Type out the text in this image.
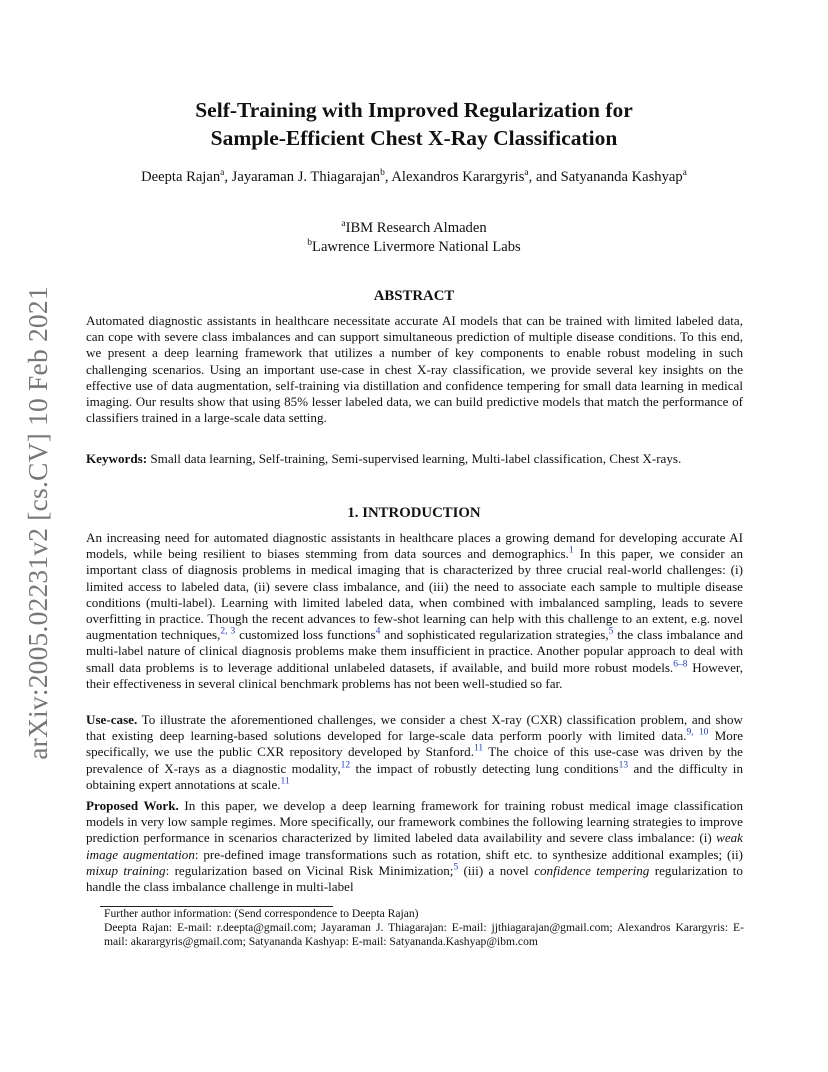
arXiv:2005.02231v2 [cs.CV] 10 Feb 2021
Self-Training with Improved Regularization for
Sample-Efficient Chest X-Ray Classification
Deepta Rajan$^a$, Jayaraman J. Thiagarajan$^b$, Alexandros Karargyris$^a$, and Satyananda Kashyap$^a$
$^a$IBM Research Almaden
$^b$Lawrence Livermore National Labs
ABSTRACT
Automated diagnostic assistants in healthcare necessitate accurate AI models that can be trained with limited labeled data, can cope with severe class imbalances and can support simultaneous prediction of multiple disease conditions. To this end, we present a deep learning framework that utilizes a number of key components to enable robust modeling in such challenging scenarios. Using an important use-case in chest X-ray classification, we provide several key insights on the effective use of data augmentation, self-training via distillation and confidence tempering for small data learning in medical imaging. Our results show that using 85% lesser labeled data, we can build predictive models that match the performance of classifiers trained in a large-scale data setting.
Keywords: Small data learning, Self-training, Semi-supervised learning, Multi-label classification, Chest X-rays.
1. INTRODUCTION
An increasing need for automated diagnostic assistants in healthcare places a growing demand for developing accurate AI models, while being resilient to biases stemming from data sources and demographics.$^1$ In this paper, we consider an important class of diagnosis problems in medical imaging that is characterized by three crucial real-world challenges: (i) limited access to labeled data, (ii) severe class imbalance, and (iii) the need to associate each sample to multiple disease conditions (multi-label). Learning with limited labeled data, when combined with imbalanced sampling, leads to severe overfitting in practice. Though the recent advances to few-shot learning can help with this challenge to an extent, e.g. novel augmentation techniques,$^{2, 3}$ customized loss functions$^4$ and sophisticated regularization strategies,$^5$ the class imbalance and multi-label nature of clinical diagnosis problems make them insufficient in practice. Another popular approach to deal with small data problems is to leverage additional unlabeled datasets, if available, and build more robust models.$^{6-8}$ However, their effectiveness in several clinical benchmark problems has not been well-studied so far.
Use-case. To illustrate the aforementioned challenges, we consider a chest X-ray (CXR) classification problem, and show that existing deep learning-based solutions developed for large-scale data perform poorly with limited data.$^{9, 10}$ More specifically, we use the public CXR repository developed by Stanford.$^{11}$ The choice of this use-case was driven by the prevalence of X-rays as a diagnostic modality,$^{12}$ the impact of robustly detecting lung conditions$^{13}$ and the difficulty in obtaining expert annotations at scale.$^{11}$
Proposed Work. In this paper, we develop a deep learning framework for training robust medical image classification models in very low sample regimes. More specifically, our framework combines the following learning strategies to improve prediction performance in scenarios characterized by limited labeled data availability and severe class imbalance: (i) weak image augmentation: pre-defined image transformations such as rotation, shift etc. to synthesize additional examples; (ii) mixup training: regularization based on Vicinal Risk Minimization;$^5$ (iii) a novel confidence tempering regularization to handle the class imbalance challenge in multi-label
Further author information: (Send correspondence to Deepta Rajan)
Deepta Rajan: E-mail: r.deepta@gmail.com; Jayaraman J. Thiagarajan: E-mail: jjthiagarajan@gmail.com; Alexandros Karargyris: E-mail: akarargyris@gmail.com; Satyananda Kashyap: E-mail: Satyananda.Kashyap@ibm.com
